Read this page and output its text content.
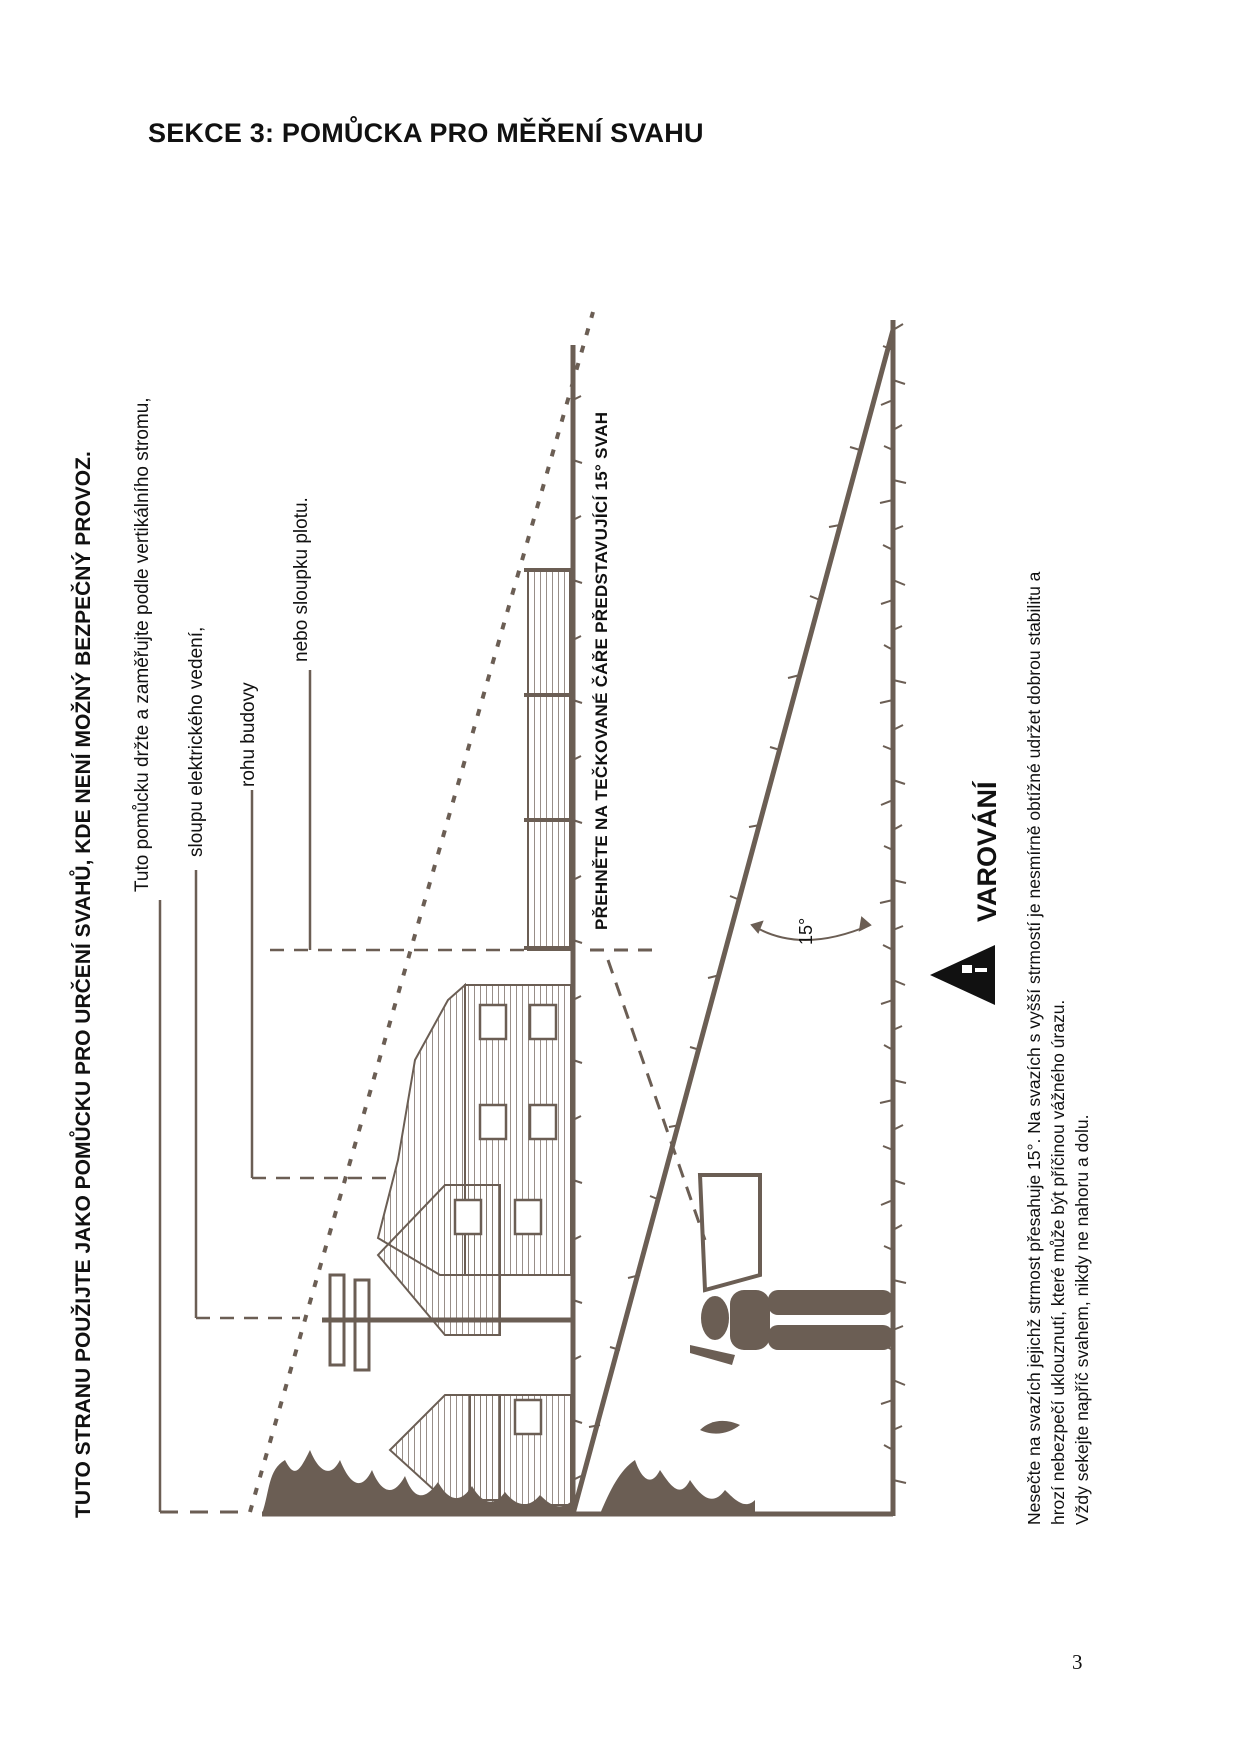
SEKCE 3: POMŮCKA PRO MĚŘENÍ SVAHU
15°
TUTO STRANU POUŽIJTE JAKO POMŮCKU PRO URČENÍ SVAHŮ, KDE NENÍ MOŽNÝ BEZPEČNÝ PROVOZ. Tuto pomůcku držte a zaměřujte podle vertikálního stromu, sloupu elektrického vedení, rohu budovy
nebo sloupku plotu.	PŘEHNĚTE NA TEČKOVANÉ ČÁŘE PŘEDSTAVUJÍCÍ 15° SVAH	VAROVÁNÍ Nesečte na svazích jejichž strmost přesahuje 15°. Na svazích s vyšší strmostí je nesmírně obtížné udržet dobrou stabilitu a hrozí nebezpečí uklouznutí, které může být příčinou vážného úrazu. Vždy sekejte napříč svahem, nikdy ne nahoru a dolu.
3
